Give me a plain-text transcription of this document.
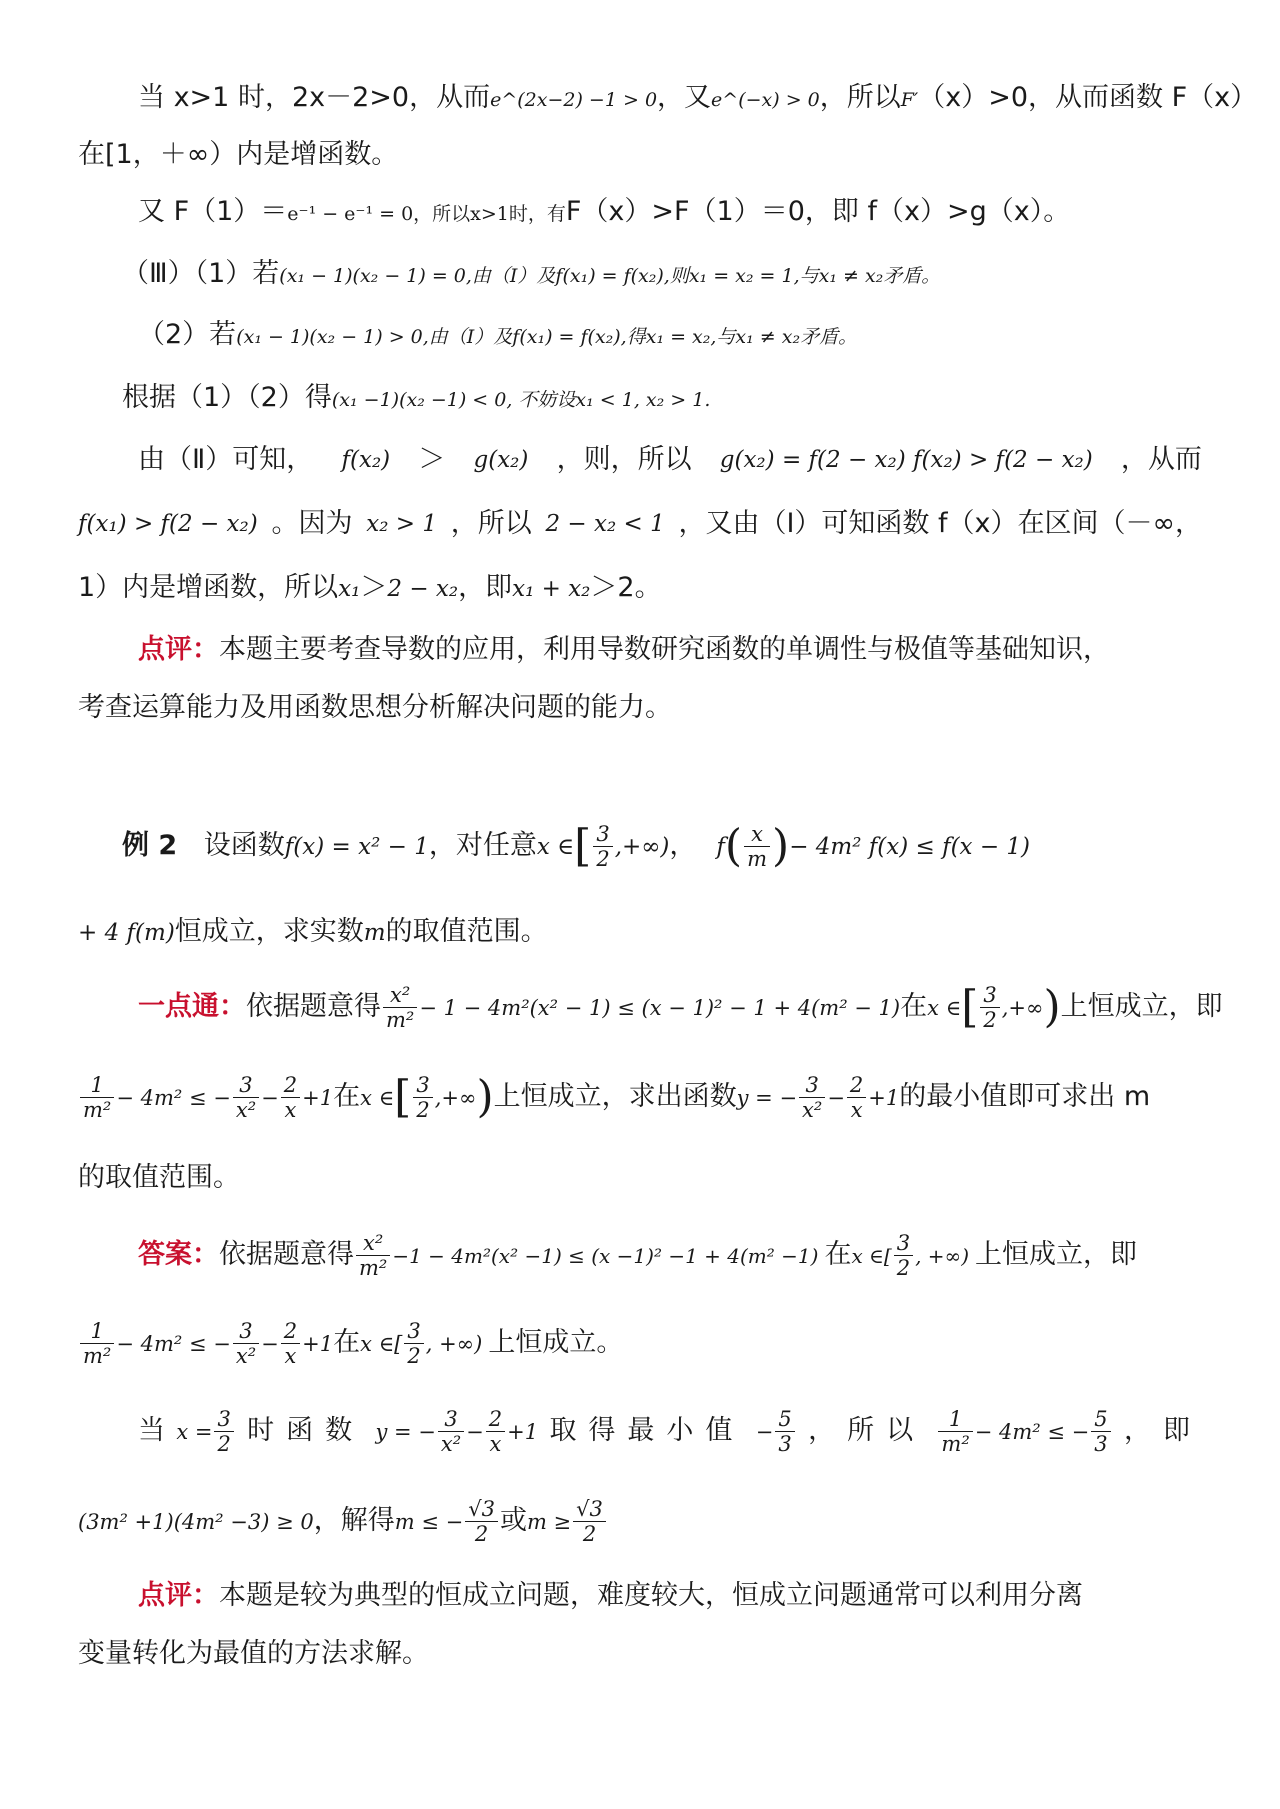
当 x>1 时，2x－2>0，从而e^(2x−2) −1 > 0，又e^(−x) > 0，所以F′（x）>0，从而函数 F（x）
在[1，＋∞）内是增函数。
又 F（1）＝e⁻¹ − e⁻¹ = 0，所以x>1时，有F（x）>F（1）＝0，即 f（x）>g（x）。
（Ⅲ）（1）若(x₁ − 1)(x₂ − 1) = 0,由（I）及f(x₁) = f(x₂),则x₁ = x₂ = 1,与x₁ ≠ x₂矛盾。
（2）若(x₁ − 1)(x₂ − 1) > 0,由（I）及f(x₁) = f(x₂),得x₁ = x₂,与x₁ ≠ x₂矛盾。
根据（1）（2）得(x₁ −1)(x₂ −1) < 0, 不妨设x₁ < 1, x₂ > 1.
由（Ⅱ）可知， f(x₂) ＞ g(x₂) ，则，所以 g(x₂) = f(2 − x₂) f(x₂) > f(2 − x₂) ，从而
f(x₁) > f(2 − x₂) 。因为 x₂ > 1 ，所以 2 − x₂ < 1 ，又由（Ⅰ）可知函数 f（x）在区间（－∞，
1）内是增函数，所以x₁＞2 − x₂，即x₁ + x₂＞2。
点评：本题主要考查导数的应用，利用导数研究函数的单调性与极值等基础知识，
考查运算能力及用函数思想分析解决问题的能力。
例 2 设函数f(x) = x² − 1，对任意x ∈[ $\frac{3}{2}$ ,+∞)， $f( \frac{x}{m}$ )− 4m² f(x) ≤ f(x − 1)
+ 4 f(m)恒成立，求实数m的取值范围。
一点通：依据题意得 $\frac{\text{x²}}{\text{m²}} - 1 - 4m^2(x^2 - 1) \le (x - 1)^2 - 1 + 4(m^2 - 1)$在x ∈[ $\frac{3}{2}$ ,+∞)上恒成立，即
$\frac{1}{\text{m²}} - 4m^2$ ≤ − $\frac{3}{\text{x²}} - \frac{2}{x} +1$在x ∈[ $\frac{3}{2}$ ,+∞)上恒成立，求出函数y = − $\frac{3}{\text{x²}} - \frac{2}{x} +1$的最小值即可求出 m
的取值范围。
答案：依据题意得 $\frac{\text{x²}}{\text{m²}} -1 - 4m^2(x^2 -1) \le (x -1)^2 -1 + 4(m^2 -1)$ 在x ∈[ $\frac{3}{2}$ , +∞) 上恒成立，即
$\frac{1}{\text{m²}} - 4m^2$ ≤ − $\frac{3}{\text{x²}} - \frac{2}{x} +1$在x ∈[ $\frac{3}{2}$ , +∞) 上恒成立。
当 $x = \frac{3}{2}$ 时函数 y = − $\frac{3}{\text{x²}} - \frac{2}{x} +1$ 取得最小值 − $\frac{5}{3}$ ，所以 $\frac{1}{\text{m²}} - 4m^2$ ≤ − $\frac{5}{3}$ ，即
(3m² +1)(4m² −3) ≥ 0，解得m ≤ − $\frac{√3}{2}$ 或$m \ge \frac{√3}{2}$
点评：本题是较为典型的恒成立问题，难度较大，恒成立问题通常可以利用分离
变量转化为最值的方法求解。
